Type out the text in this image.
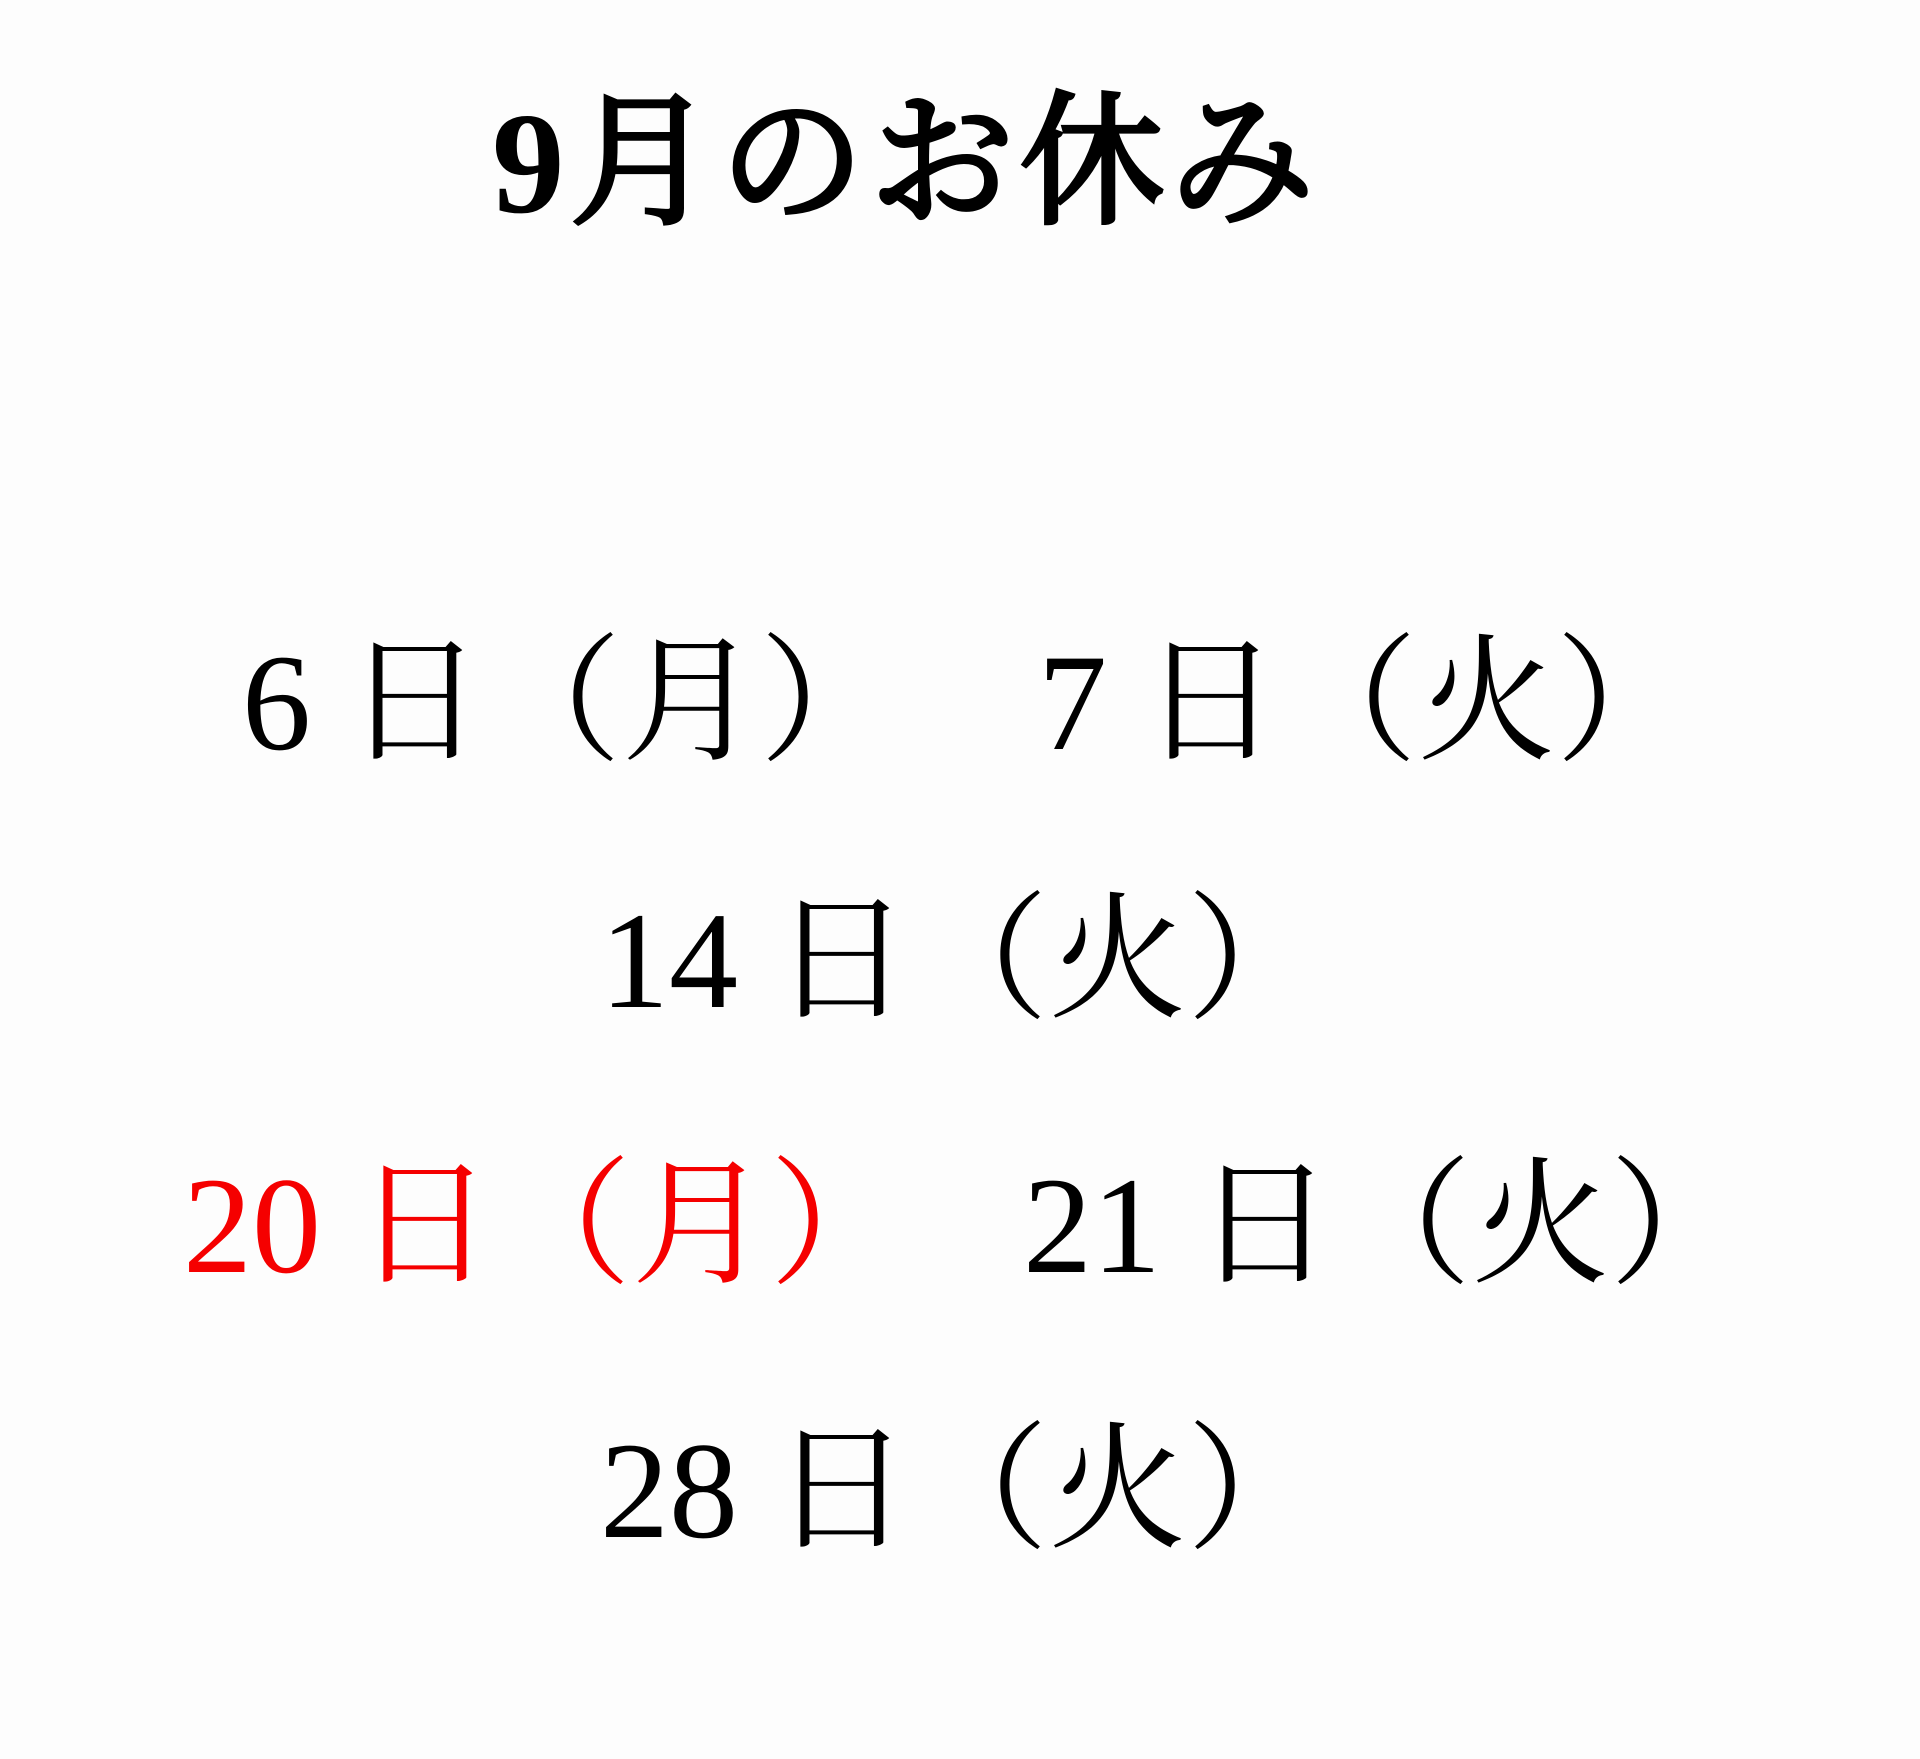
9月のお休み
6 日（月） 7 日（火）
14 日（火）
20 日（月） 21 日（火）
28 日（火）
